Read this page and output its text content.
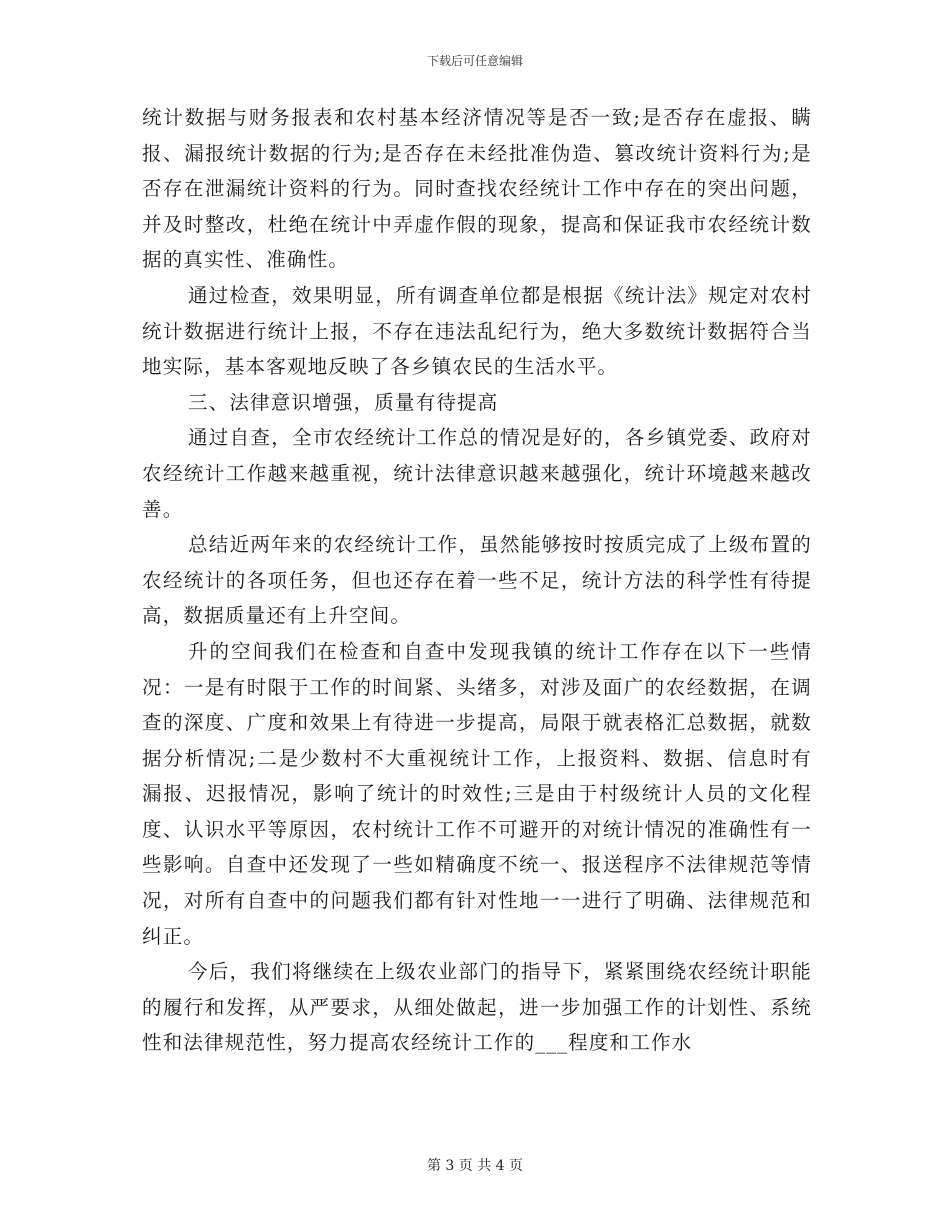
下载后可任意编辑

统计数据与财务报表和农村基本经济情况等是否一致;是否存在虚报、瞒报、漏报统计数据的行为;是否存在未经批准伪造、篡改统计资料行为;是否存在泄漏统计资料的行为。同时查找农经统计工作中存在的突出问题，并及时整改，杜绝在统计中弄虚作假的现象，提高和保证我市农经统计数据的真实性、准确性。

通过检查，效果明显，所有调查单位都是根据《统计法》规定对农村统计数据进行统计上报，不存在违法乱纪行为，绝大多数统计数据符合当地实际，基本客观地反映了各乡镇农民的生活水平。

三、法律意识增强，质量有待提高

通过自查，全市农经统计工作总的情况是好的，各乡镇党委、政府对农经统计工作越来越重视，统计法律意识越来越强化，统计环境越来越改善。

总结近两年来的农经统计工作，虽然能够按时按质完成了上级布置的农经统计的各项任务，但也还存在着一些不足，统计方法的科学性有待提高，数据质量还有上升空间。

升的空间我们在检查和自查中发现我镇的统计工作存在以下一些情况：一是有时限于工作的时间紧、头绪多，对涉及面广的农经数据，在调查的深度、广度和效果上有待进一步提高，局限于就表格汇总数据，就数据分析情况;二是少数村不大重视统计工作，上报资料、数据、信息时有漏报、迟报情况，影响了统计的时效性;三是由于村级统计人员的文化程度、认识水平等原因，农村统计工作不可避开的对统计情况的准确性有一些影响。自查中还发现了一些如精确度不统一、报送程序不法律规范等情况，对所有自查中的问题我们都有针对性地一一进行了明确、法律规范和纠正。

今后，我们将继续在上级农业部门的指导下，紧紧围绕农经统计职能的履行和发挥，从严要求，从细处做起，进一步加强工作的计划性、系统性和法律规范性，努力提高农经统计工作的___程度和工作水

第 3 页 共 4 页
